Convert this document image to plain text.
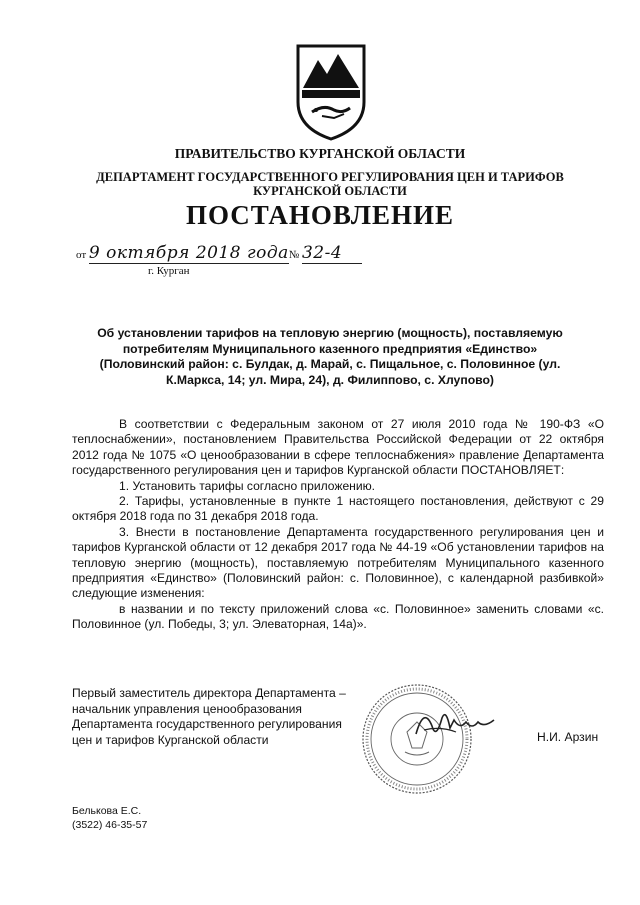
ПРАВИТЕЛЬСТВО КУРГАНСКОЙ ОБЛАСТИ
ДЕПАРТАМЕНТ ГОСУДАРСТВЕННОГО РЕГУЛИРОВАНИЯ ЦЕН И ТАРИФОВ КУРГАНСКОЙ ОБЛАСТИ
ПОСТАНОВЛЕНИЕ
от 9 октября 2018 года№ 32-4
г. Курган
Об установлении тарифов на тепловую энергию (мощность), поставляемую потребителям Муниципального казенного предприятия «Единство» (Половинский район: с. Булдак, д. Марай, с. Пищальное, с. Половинное (ул. К.Маркса, 14; ул. Мира, 24), д. Филиппово, с. Хлупово)

В соответствии с Федеральным законом от 27 июля 2010 года № 190-ФЗ «О теплоснабжении», постановлением Правительства Российской Федерации от 22 октября 2012 года № 1075 «О ценообразовании в сфере теплоснабжения» правление Департамента государственного регулирования цен и тарифов Курганской области ПОСТАНОВЛЯЕТ:

1. Установить тарифы согласно приложению.

2. Тарифы, установленные в пункте 1 настоящего постановления, действуют с 29 октября 2018 года по 31 декабря 2018 года.

3. Внести в постановление Департамента государственного регулирования цен и тарифов Курганской области от 12 декабря 2017 года № 44-19 «Об установлении тарифов на тепловую энергию (мощность), поставляемую потребителям Муниципального казенного предприятия «Единство» (Половинский район: с. Половинное), с календарной разбивкой» следующие изменения:

в названии и по тексту приложений слова «с. Половинное» заменить словами «с. Половинное (ул. Победы, 3; ул. Элеваторная, 14а)».

Первый заместитель директора Департамента –
начальник управления ценообразования
Департамента государственного регулирования
цен и тарифов Курганской области	Н.И. Арзин
Белькова Е.С.
(3522) 46-35-57
